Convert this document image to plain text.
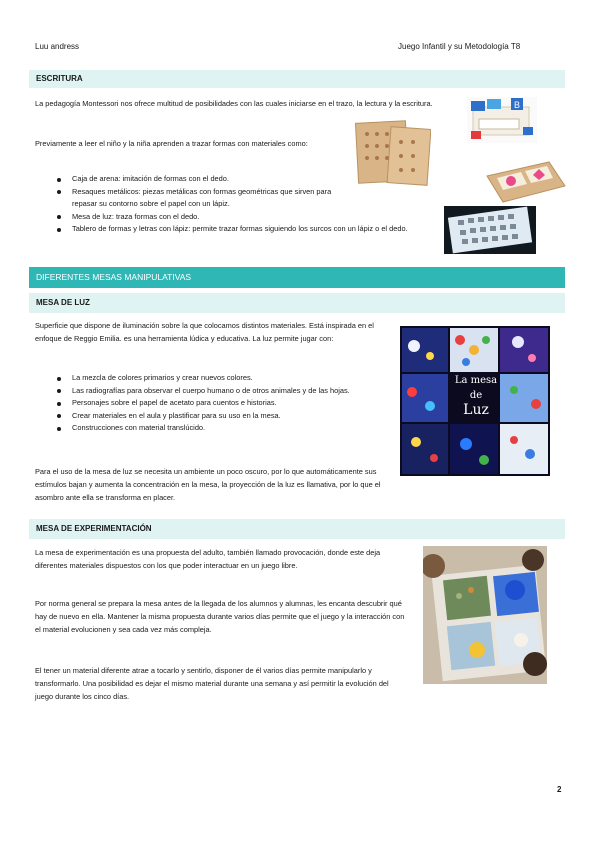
Luu andress	Juego Infantil y su Metodología T8
ESCRITURA

La pedagogía Montessori nos ofrece multitud de posibilidades con las cuales iniciarse en el trazo, la lectura y la escritura.

Previamente a leer el niño y la niña aprenden a trazar formas con materiales como:

Caja de arena: imitación de formas con el dedo.
Resaques metálicos: piezas metálicas con formas geométricas que sirven para repasar su contorno sobre el papel con un lápiz.
Mesa de luz: traza formas con el dedo.
Tablero de formas y letras con lápiz: permite trazar formas siguiendo los surcos con un lápiz o el dedo.
B
DIFERENTES MESAS MANIPULATIVAS
MESA DE LUZ

Superficie que dispone de iluminación sobre la que colocamos distintos materiales. Está inspirada en el enfoque de Reggio Emilia. es una herramienta lúdica y educativa. La luz permite jugar con:

La mezcla de colores primarios y crear nuevos colores.
Las radiografías para observar el cuerpo humano o de otros animales y de las hojas.
Personajes sobre el papel de acetato para cuentos e historias.
Crear materiales en el aula y plastificar para su uso en la mesa.
Construcciones con material translúcido.

Para el uso de la mesa de luz se necesita un ambiente un poco oscuro, por lo que automáticamente sus estímulos bajan y aumenta la concentración en la mesa, la proyección de la luz es llamativa, por lo que el asombro ante ella se transforma en placer.

La mesa
de
Luz
MESA DE EXPERIMENTACIÓN

La mesa de experimentación es una propuesta del adulto, también llamado provocación, donde este deja diferentes materiales dispuestos con los que poder interactuar en un juego libre.

Por norma general se prepara la mesa antes de la llegada de los alumnos y alumnas, les encanta descubrir qué hay de nuevo en ella. Mantener la misma propuesta durante varios días permite que el juego y la interacción con el material evolucionen y sea cada vez más compleja.

El tener un material diferente atrae a tocarlo y sentirlo, disponer de él varios días permite manipularlo y transformarlo. Una posibilidad es dejar el mismo material durante una semana y así permitir la evolución del juego durante los cinco días.

2
